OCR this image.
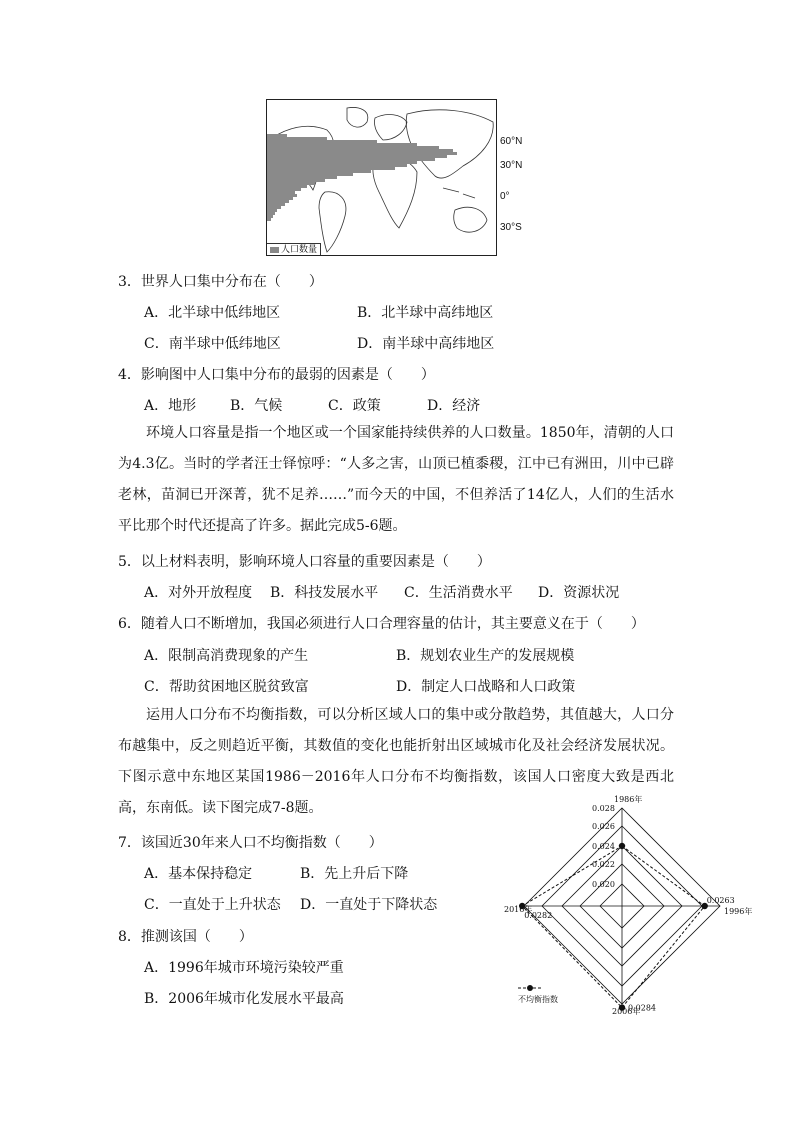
人口数量
60°N
30°N
0°
30°S
3．世界人口集中分布在（　　）
A．北半球中低纬地区	B．北半球中高纬地区
C．南半球中低纬地区	D．南半球中高纬地区
4．影响图中人口集中分布的最弱的因素是（　　）
A．地形 B．气候	C．政策	D．经济

环境人口容量是指一个地区或一个国家能持续供养的人口数量。1850年，清朝的人口为4.3亿。当时的学者汪士铎惊呼：“人多之害，山顶已植黍稷，江中已有洲田，川中已辟老林，苗洞已开深菁，犹不足养……”而今天的中国，不但养活了14亿人，人们的生活水平比那个时代还提高了许多。据此完成5-6题。

5．以上材料表明，影响环境人口容量的重要因素是（　　）
A．对外开放程度 B．科技发展水平 C．生活消费水平 D．资源状况
6．随着人口不断增加，我国必须进行人口合理容量的估计，其主要意义在于（　　）
A．限制高消费现象的产生	B．规划农业生产的发展规模
C．帮助贫困地区脱贫致富	D．制定人口战略和人口政策

运用人口分布不均衡指数，可以分析区域人口的集中或分散趋势，其值越大，人口分布越集中，反之则趋近平衡，其数值的变化也能折射出区域城市化及社会经济发展状况。下图示意中东地区某国1986－2016年人口分布不均衡指数，该国人口密度大致是西北高，东南低。读下图完成7-8题。

7．该国近30年来人口不均衡指数（　　）
A．基本保持稳定	B．先上升后下降
C．一直处于上升状态 D．一直处于下降状态
8．推测该国（　　）
A．1996年城市环境污染较严重
B．2006年城市化发展水平最高
0.020
0.022
0.024
0.026
0.028
1986年
1996年
2006年
2016年
0.0263
0.0284
0.0282
不均衡指数
